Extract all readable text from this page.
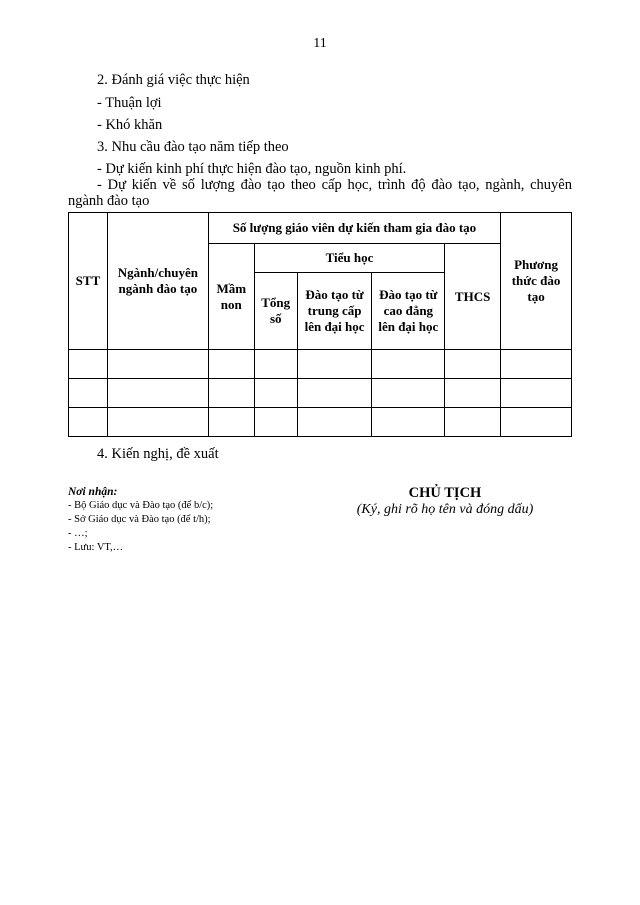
11
2. Đánh giá việc thực hiện
- Thuận lợi
- Khó khăn
3. Nhu cầu đào tạo năm tiếp theo
- Dự kiến kinh phí thực hiện đào tạo, nguồn kinh phí.
- Dự kiến về số lượng đào tạo theo cấp học, trình độ đào tạo, ngành, chuyên
ngành đào tạo
STT	Ngành/chuyên ngành đào tạo	Số lượng giáo viên dự kiến tham gia đào tạo					Phương thức đào tạo
		Mầm non	Tiểu học			THCS	
			Tổng số	Đào tạo từ trung cấp lên đại học	Đào tạo từ cao đẳng lên đại học		

4. Kiến nghị, đề xuất
Nơi nhận:
- Bộ Giáo dục và Đào tạo (để b/c);
- Sở Giáo dục và Đào tạo (để t/h);
- …;
- Lưu: VT,…
CHỦ TỊCH
(Ký, ghi rõ họ tên và đóng dấu)
